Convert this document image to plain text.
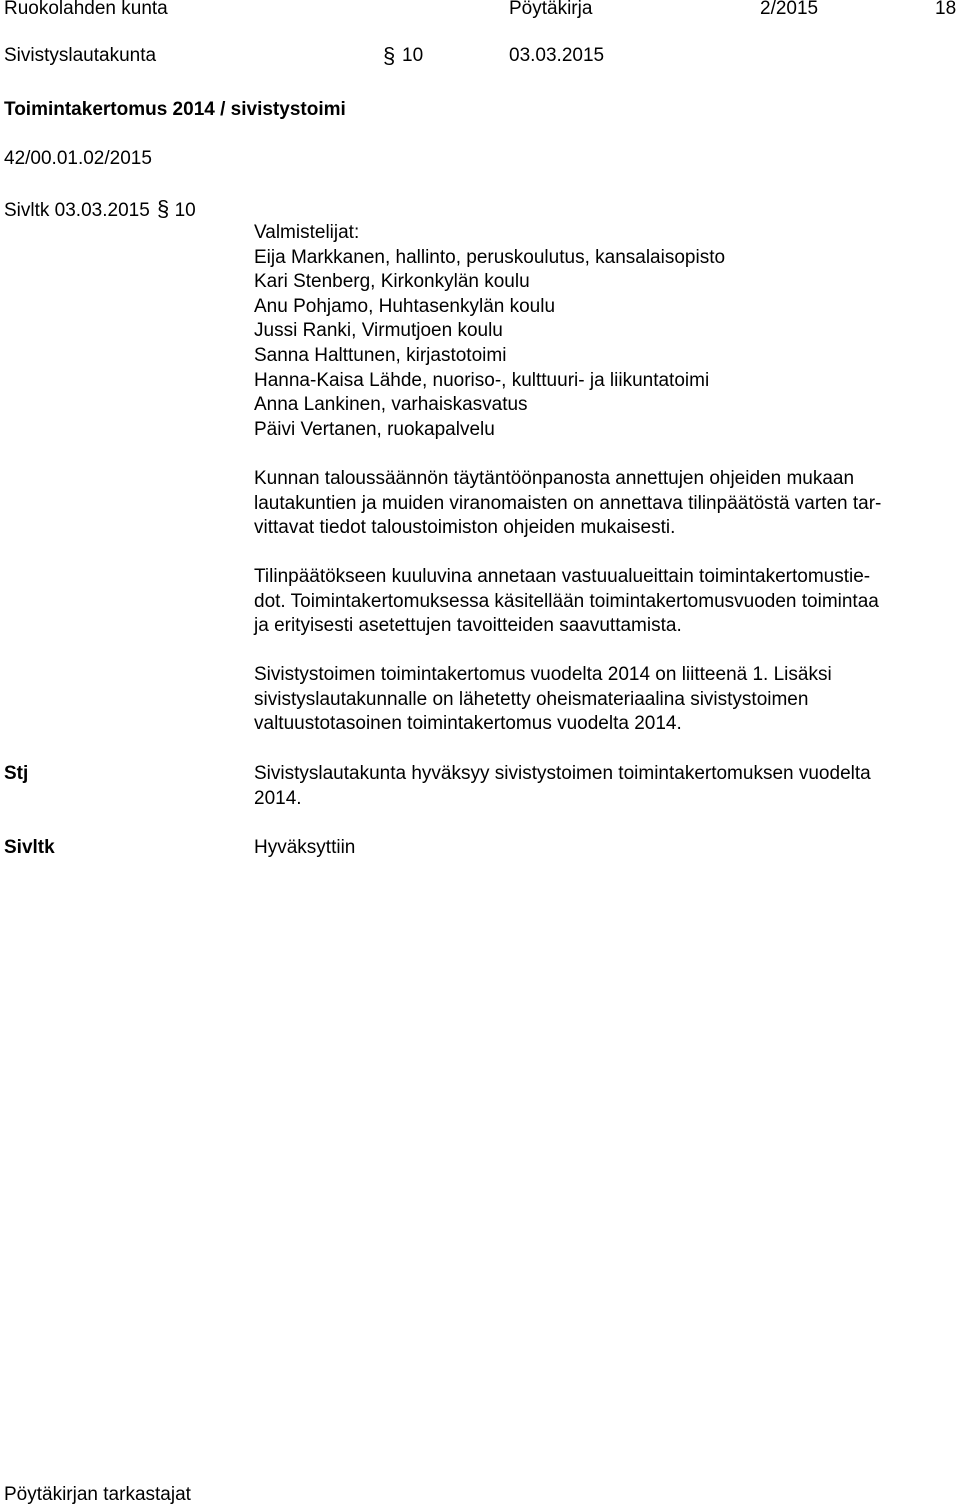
Ruokolahden kunta	Pöytäkirja	2/2015	18
Sivistyslautakunta	§ 10	03.03.2015
Toimintakertomus 2014 / sivistystoimi
42/00.01.02/2015
Sivltk 03.03.2015 § 10
Valmistelijat:
Eija Markkanen, hallinto, peruskoulutus, kansalaisopisto
Kari Stenberg, Kirkonkylän koulu
Anu Pohjamo, Huhtasenkylän koulu
Jussi Ranki, Virmutjoen koulu
Sanna Halttunen, kirjastotoimi
Hanna-Kaisa Lähde, nuoriso-, kulttuuri- ja liikuntatoimi
Anna Lankinen, varhaiskasvatus
Päivi Vertanen, ruokapalvelu
Kunnan taloussäännön täytäntöönpanosta annettujen ohjeiden mukaan
lautakuntien ja muiden viranomaisten on annettava tilinpäätöstä varten tar-
vittavat tiedot taloustoimiston ohjeiden mukaisesti.
Tilinpäätökseen kuuluvina annetaan vastuualueittain toimintakertomustie-
dot. Toimintakertomuksessa käsitellään toimintakertomusvuoden toimintaa
ja erityisesti asetettujen tavoitteiden saavuttamista.
Sivistystoimen toimintakertomus vuodelta 2014 on liitteenä 1. Lisäksi
sivistyslautakunnalle on lähetetty oheismateriaalina sivistystoimen
valtuustotasoinen toimintakertomus vuodelta 2014.
Stj	Sivistyslautakunta hyväksyy sivistystoimen toimintakertomuksen vuodelta
2014.
Sivltk	Hyväksyttiin
Pöytäkirjan tarkastajat
